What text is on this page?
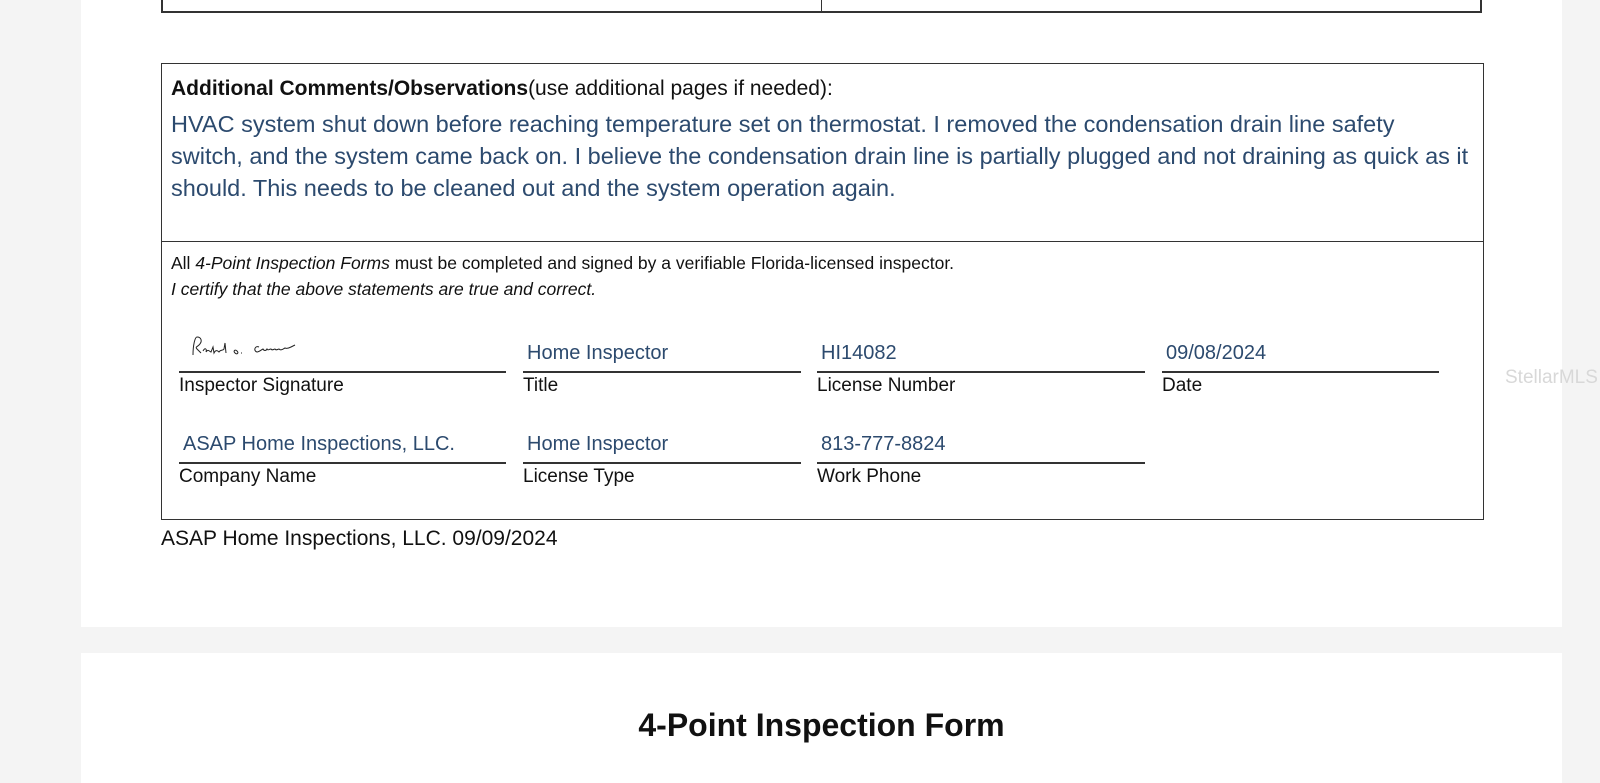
Additional Comments/Observations(use additional pages if needed):
HVAC system shut down before reaching temperature set on thermostat. I removed the condensation drain line safety switch, and the system came back on. I believe the condensation drain line is partially plugged and not draining as quick as it should. This needs to be cleaned out and the system operation again.
All 4-Point Inspection Forms must be completed and signed by a verifiable Florida-licensed inspector.
I certify that the above statements are true and correct.
Inspector Signature
Home Inspector
Title
HI14082
License Number
09/08/2024
Date
ASAP Home Inspections, LLC.
Company Name
Home Inspector
License Type
813-777-8824
Work Phone
ASAP Home Inspections, LLC. 09/09/2024
StellarMLS
4-Point Inspection Form
